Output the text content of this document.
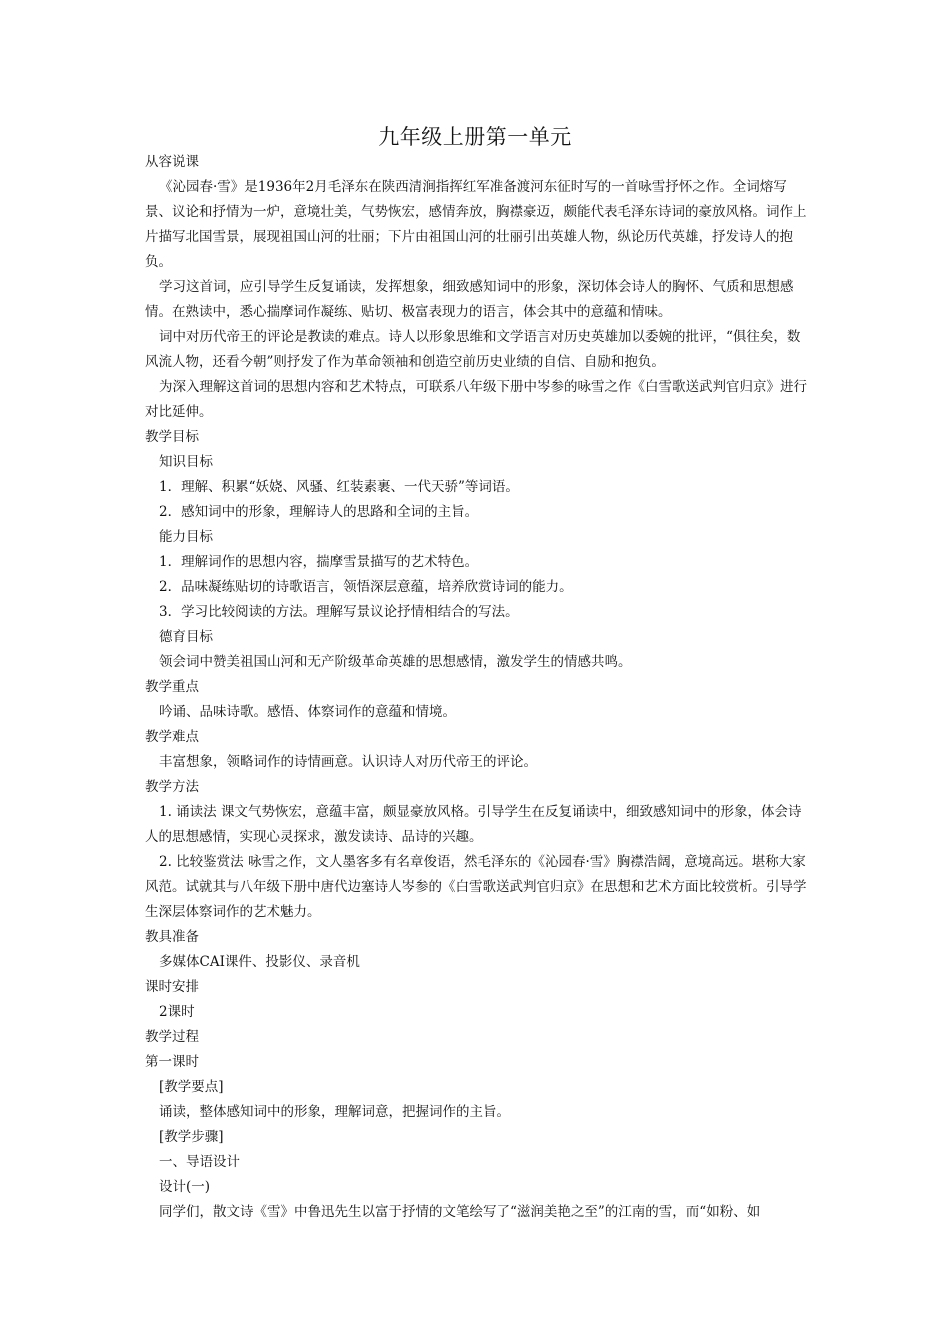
九年级上册第一单元

从容说课

《沁园春·雪》是1936年2月毛泽东在陕西清涧指挥红军准备渡河东征时写的一首咏雪抒怀之作。全词熔写景、议论和抒情为一炉，意境壮美，气势恢宏，感情奔放，胸襟豪迈，颇能代表毛泽东诗词的豪放风格。词作上片描写北国雪景，展现祖国山河的壮丽；下片由祖国山河的壮丽引出英雄人物，纵论历代英雄，抒发诗人的抱负。

学习这首词，应引导学生反复诵读，发挥想象，细致感知词中的形象，深切体会诗人的胸怀、气质和思想感情。在熟读中，悉心揣摩词作凝练、贴切、极富表现力的语言，体会其中的意蕴和情味。

词中对历代帝王的评论是教读的难点。诗人以形象思维和文学语言对历史英雄加以委婉的批评，“俱往矣，数风流人物，还看今朝”则抒发了作为革命领袖和创造空前历史业绩的自信、自励和抱负。

为深入理解这首词的思想内容和艺术特点，可联系八年级下册中岑参的咏雪之作《白雪歌送武判官归京》进行对比延伸。

教学目标

知识目标

1．理解、积累“妖娆、风骚、红装素裹、一代天骄”等词语。

2．感知词中的形象，理解诗人的思路和全词的主旨。

能力目标

1．理解词作的思想内容，揣摩雪景描写的艺术特色。

2．品味凝练贴切的诗歌语言，领悟深层意蕴，培养欣赏诗词的能力。

3．学习比较阅读的方法。理解写景议论抒情相结合的写法。

德育目标

领会词中赞美祖国山河和无产阶级革命英雄的思想感情，激发学生的情感共鸣。

教学重点

吟诵、品味诗歌。感悟、体察词作的意蕴和情境。

教学难点

丰富想象，领略词作的诗情画意。认识诗人对历代帝王的评论。

教学方法

1. 诵读法 课文气势恢宏，意蕴丰富，颇显豪放风格。引导学生在反复诵读中，细致感知词中的形象，体会诗人的思想感情，实现心灵探求，激发读诗、品诗的兴趣。

2. 比较鉴赏法 咏雪之作，文人墨客多有名章俊语，然毛泽东的《沁园春·雪》胸襟浩阔，意境高远。堪称大家风范。试就其与八年级下册中唐代边塞诗人岑参的《白雪歌送武判官归京》在思想和艺术方面比较赏析。引导学生深层体察词作的艺术魅力。

教具准备

多媒体CAI课件、投影仪、录音机

课时安排

2课时

教学过程

第一课时

[教学要点]

诵读，整体感知词中的形象，理解词意，把握词作的主旨。

[教学步骤]

一、导语设计

设计(一)

同学们，散文诗《雪》中鲁迅先生以富于抒情的文笔绘写了“滋润美艳之至”的江南的雪，而“如粉、如
